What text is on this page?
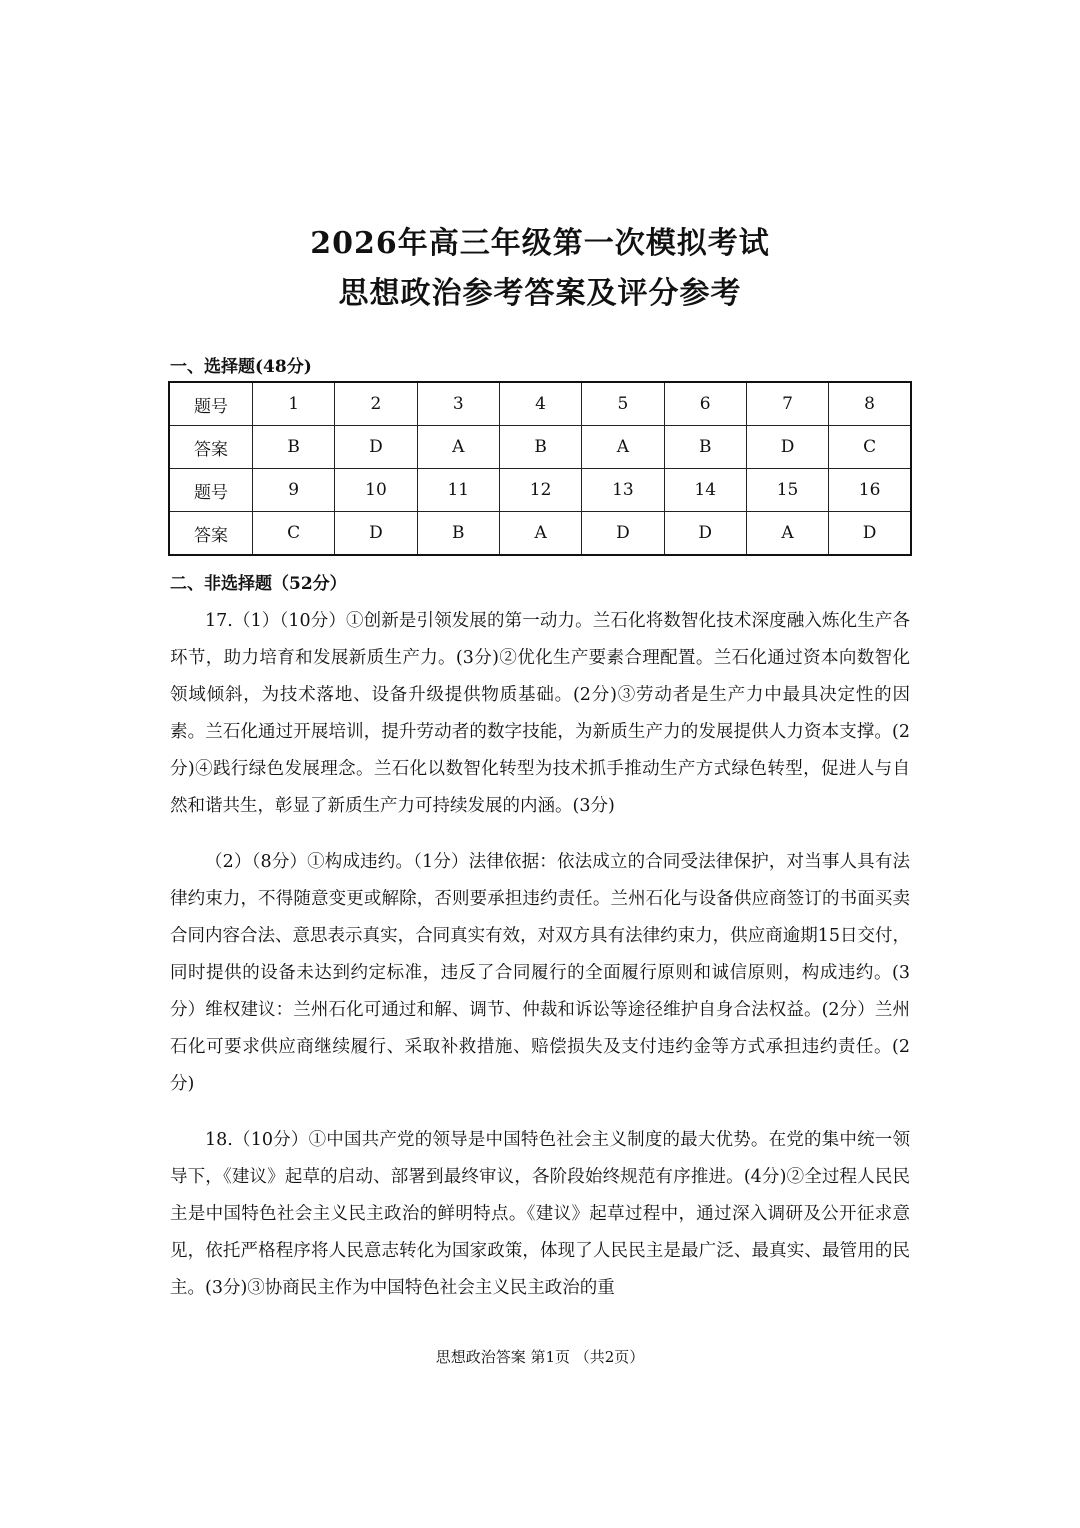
2026年高三年级第一次模拟考试
思想政治参考答案及评分参考
一、选择题(48分)
题号	1	2	3	4	5	6	7	8
答案	B	D	A	B	A	B	D	C
题号	9	10	11	12	13	14	15	16
答案	C	D	B	A	D	D	A	D
二、非选择题（52分）

17.（1）（10分）①创新是引领发展的第一动力。兰石化将数智化技术深度融入炼化生产各环节，助力培育和发展新质生产力。(3分)②优化生产要素合理配置。兰石化通过资本向数智化领域倾斜，为技术落地、设备升级提供物质基础。(2分)③劳动者是生产力中最具决定性的因素。兰石化通过开展培训，提升劳动者的数字技能，为新质生产力的发展提供人力资本支撑。(2分)④践行绿色发展理念。兰石化以数智化转型为技术抓手推动生产方式绿色转型，促进人与自然和谐共生，彰显了新质生产力可持续发展的内涵。(3分)

（2）（8分）①构成违约。（1分）法律依据：依法成立的合同受法律保护，对当事人具有法律约束力，不得随意变更或解除，否则要承担违约责任。兰州石化与设备供应商签订的书面买卖合同内容合法、意思表示真实，合同真实有效，对双方具有法律约束力，供应商逾期15日交付，同时提供的设备未达到约定标准，违反了合同履行的全面履行原则和诚信原则，构成违约。(3分）维权建议：兰州石化可通过和解、调节、仲裁和诉讼等途径维护自身合法权益。(2分）兰州石化可要求供应商继续履行、采取补救措施、赔偿损失及支付违约金等方式承担违约责任。(2分)

18.（10分）①中国共产党的领导是中国特色社会主义制度的最大优势。在党的集中统一领导下，《建议》起草的启动、部署到最终审议，各阶段始终规范有序推进。(4分)②全过程人民民主是中国特色社会主义民主政治的鲜明特点。《建议》起草过程中，通过深入调研及公开征求意见，依托严格程序将人民意志转化为国家政策，体现了人民民主是最广泛、最真实、最管用的民主。(3分)③协商民主作为中国特色社会主义民主政治的重

思想政治答案 第1页 （共2页）
